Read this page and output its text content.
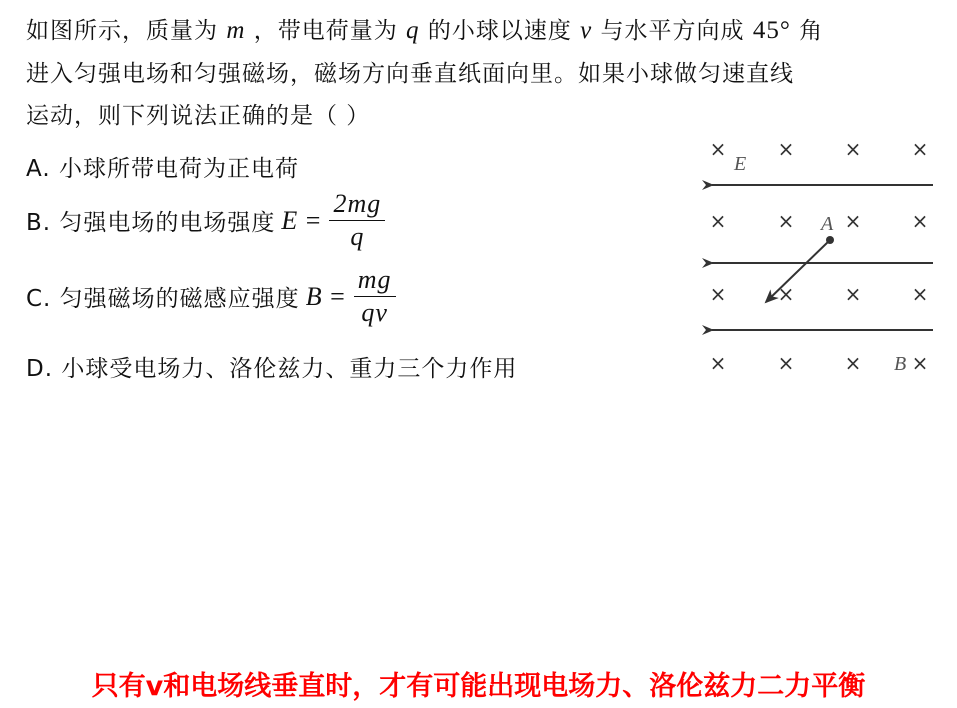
如图所示，质量为 m ，带电荷量为 q 的小球以速度 v 与水平方向成 45° 角
进入匀强电场和匀强磁场，磁场方向垂直纸面向里。如果小球做匀速直线
运动，则下列说法正确的是（ ）
A. 小球所带电荷为正电荷
B. 匀强电场的电场强度 $E = \frac{2mg}{q}$
C. 匀强磁场的磁感应强度 $B = \frac{mg}{qv}$
D. 小球受电场力、洛伦兹力、重力三个力作用
×	×	×	×
E
×	×	×	×
A
×	×	×	×
×	×	× B ×
只有v和电场线垂直时，才有可能出现电场力、洛伦兹力二力平衡
